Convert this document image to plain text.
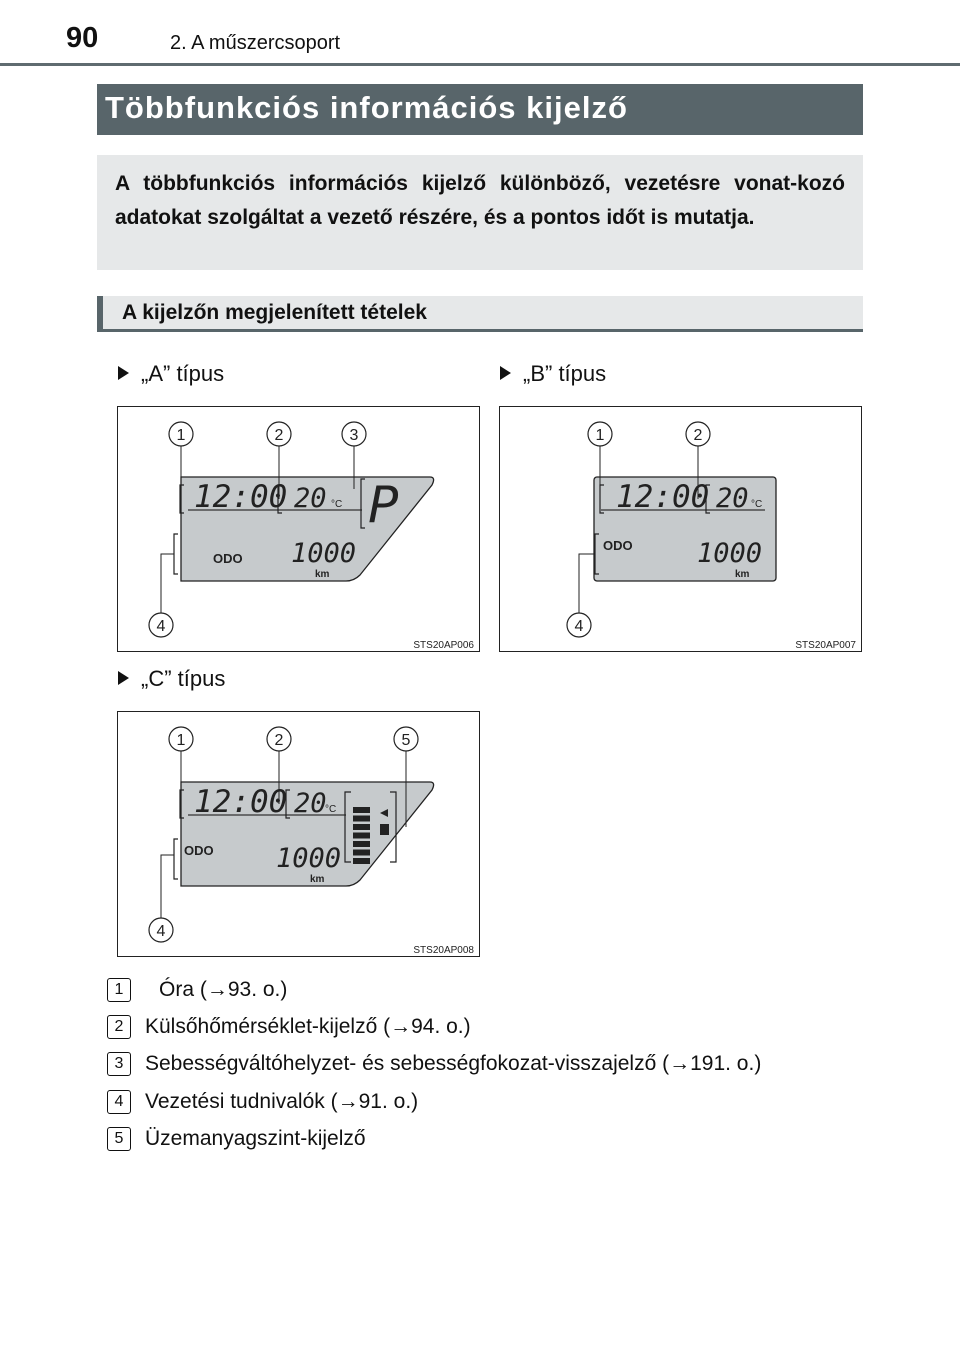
90	2. A műszercsoport
Többfunkciós információs kijelző
A többfunkciós információs kijelző különböző, vezetésre vonat-kozó adatokat szolgáltat a vezető részére, és a pontos időt is mutatja.
A kijelzőn megjelenített tételek
„A” típus
12:00 20 °C P
ODO 1000
km
1	2	3
4
STS20AP006
„B” típus
12:00 20 °C
ODO 1000
km
1	2
4
STS20AP007
„C” típus
12:00 20
°C
ODO 1000
km
1	2	5
4
STS20AP008
1	Óra (→93. o.)
2	Külsőhőmérséklet-kijelző (→94. o.)
3	Sebességváltóhelyzet- és sebességfokozat-visszajelző (→191. o.)
4	Vezetési tudnivalók (→91. o.)
5	Üzemanyagszint-kijelző
